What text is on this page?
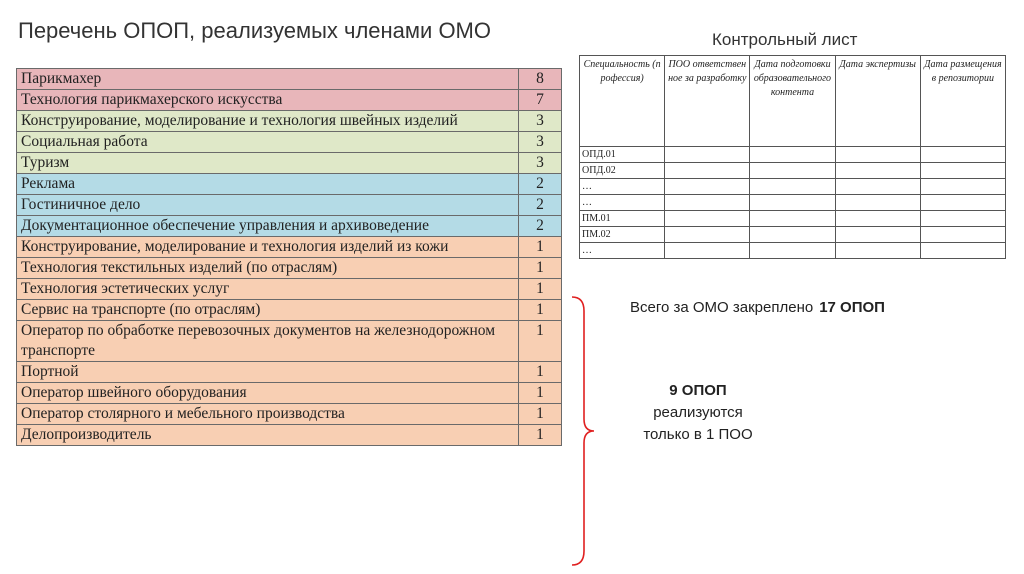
Перечень ОПОП, реализуемых членами ОМО	Контрольный лист
Парикмахер	8
Технология парикмахерского искусства	7
Конструирование, моделирование и технология швейных изделий	3
Социальная работа	3
Туризм	3
Реклама	2
Гостиничное дело	2
Документационное обеспечение управления и архивоведение	2
Конструирование, моделирование и технология изделий из кожи	1
Технология текстильных изделий (по отраслям)	1
Технология эстетических услуг	1
Сервис на транспорте (по отраслям)	1
Оператор по обработке перевозочных документов на железнодорожном транспорте	1
Портной	1
Оператор швейного оборудования	1
Оператор столярного и мебельного производства	1
Делопроизводитель	1
Специальность (профессия)	ПОО ответственное за разработку	Дата подготовки образовательного контента	Дата экспертизы	Дата размещения в репозитории
ОПД.01				
ОПД.02				
…				
…				
ПМ.01				
ПМ.02				
…				
Всего за ОМО закреплено 17 ОПОП
9 ОПОП
реализуются
только в 1 ПОО
